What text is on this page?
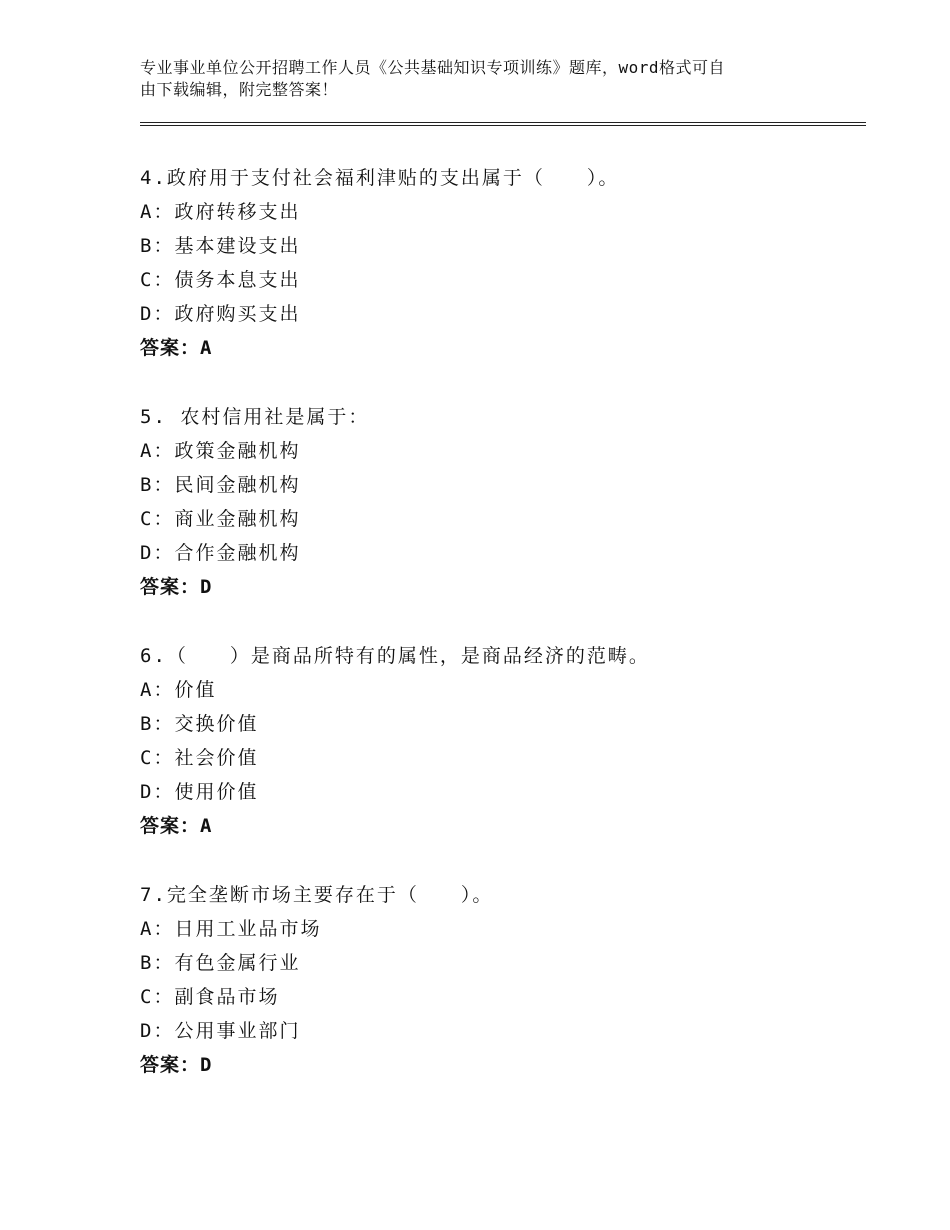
专业事业单位公开招聘工作人员《公共基础知识专项训练》题库，word格式可自
由下载编辑，附完整答案！
4.政府用于支付社会福利津贴的支出属于（　　）。
A：政府转移支出
B：基本建设支出
C：债务本息支出
D：政府购买支出
答案：A
5. 农村信用社是属于：
A：政策金融机构
B：民间金融机构
C：商业金融机构
D：合作金融机构
答案：D
6.（　　）是商品所特有的属性，是商品经济的范畴。
A：价值
B：交换价值
C：社会价值
D：使用价值
答案：A
7.完全垄断市场主要存在于（　　）。
A：日用工业品市场
B：有色金属行业
C：副食品市场
D：公用事业部门
答案：D
